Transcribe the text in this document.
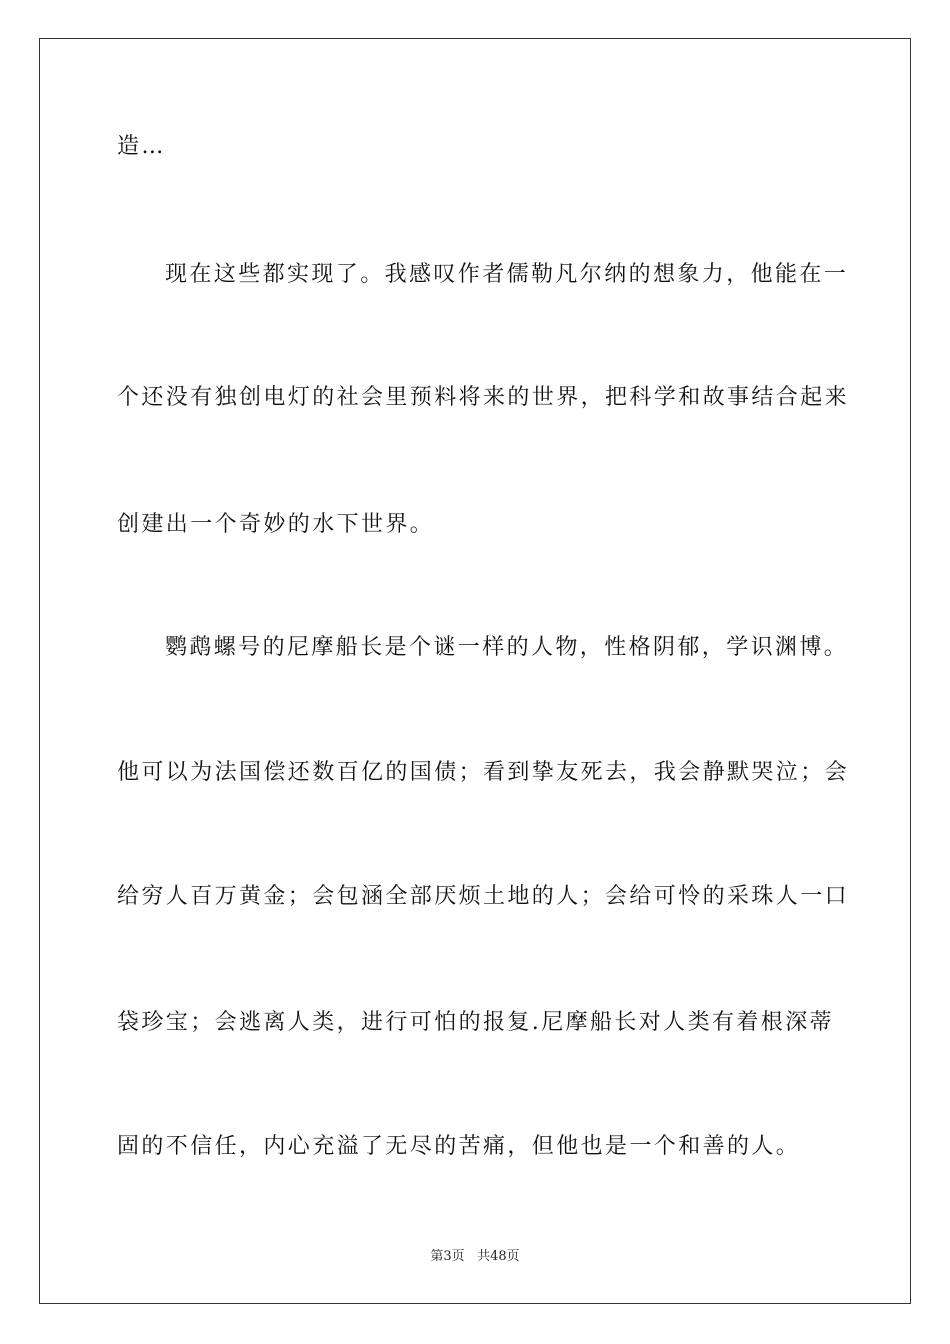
造…
现在这些都实现了。我感叹作者儒勒凡尔纳的想象力，他能在一
个还没有独创电灯的社会里预料将来的世界，把科学和故事结合起来
创建出一个奇妙的水下世界。
鹦鹉螺号的尼摩船长是个谜一样的人物，性格阴郁，学识渊博。
他可以为法国偿还数百亿的国债；看到挚友死去，我会静默哭泣；会
给穷人百万黄金；会包涵全部厌烦土地的人；会给可怜的采珠人一口
袋珍宝；会逃离人类，进行可怕的报复.尼摩船长对人类有着根深蒂
固的不信任，内心充溢了无尽的苦痛，但他也是一个和善的人。
第3页 共48页
